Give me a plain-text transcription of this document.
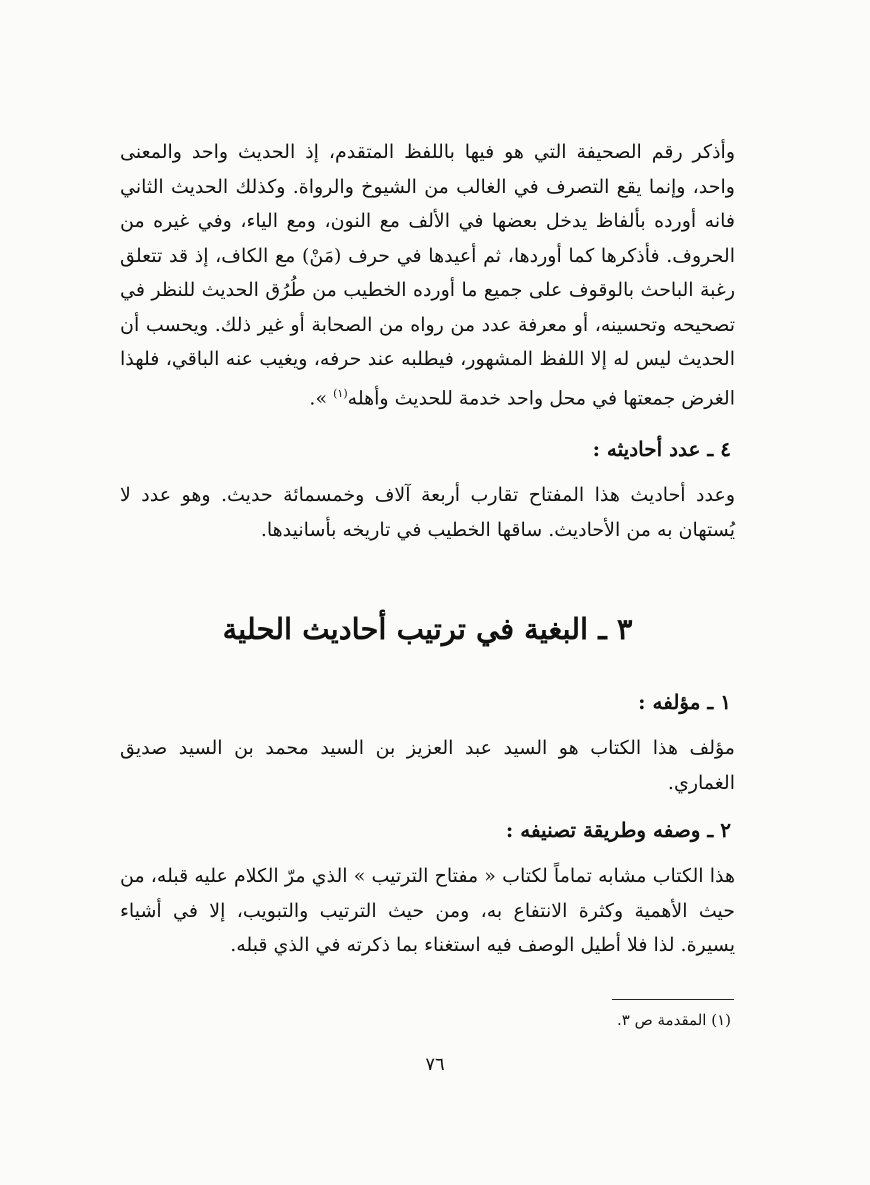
وأذكر رقم الصحيفة التي هو فيها باللفظ المتقدم، إذ الحديث واحد والمعنى واحد، وإنما يقع التصرف في الغالب من الشيوخ والرواة. وكذلك الحديث الثاني فانه أورده بألفاظ يدخل بعضها في الألف مع النون، ومع الياء، وفي غيره من الحروف. فأذكرها كما أوردها، ثم أعيدها في حرف (مَنْ) مع الكاف، إذ قد تتعلق رغبة الباحث بالوقوف على جميع ما أورده الخطيب من طُرُق الحديث للنظر في تصحيحه وتحسينه، أو معرفة عدد من رواه من الصحابة أو غير ذلك. ويحسب أن الحديث ليس له إلا اللفظ المشهور، فيطلبه عند حرفه، ويغيب عنه الباقي، فلهذا الغرض جمعتها في محل واحد خدمة للحديث وأهله$^{(١)}$ ».

٤ ـ عدد أحاديثه :

وعدد أحاديث هذا المفتاح تقارب أربعة آلاف وخمسمائة حديث. وهو عدد لا يُستهان به من الأحاديث. ساقها الخطيب في تاريخه بأسانيدها.

٣ ـ البغية في ترتيب أحاديث الحلية
١ ـ مؤلفه :

مؤلف هذا الكتاب هو السيد عبد العزيز بن السيد محمد بن السيد صديق الغماري.

٢ ـ وصفه وطريقة تصنيفه :

هذا الكتاب مشابه تماماً لكتاب « مفتاح الترتيب » الذي مرّ الكلام عليه قبله، من حيث الأهمية وكثرة الانتفاع به، ومن حيث الترتيب والتبويب، إلا في أشياء يسيرة. لذا فلا أطيل الوصف فيه استغناء بما ذكرته في الذي قبله.

(١) المقدمة ص ٣.
٧٦
